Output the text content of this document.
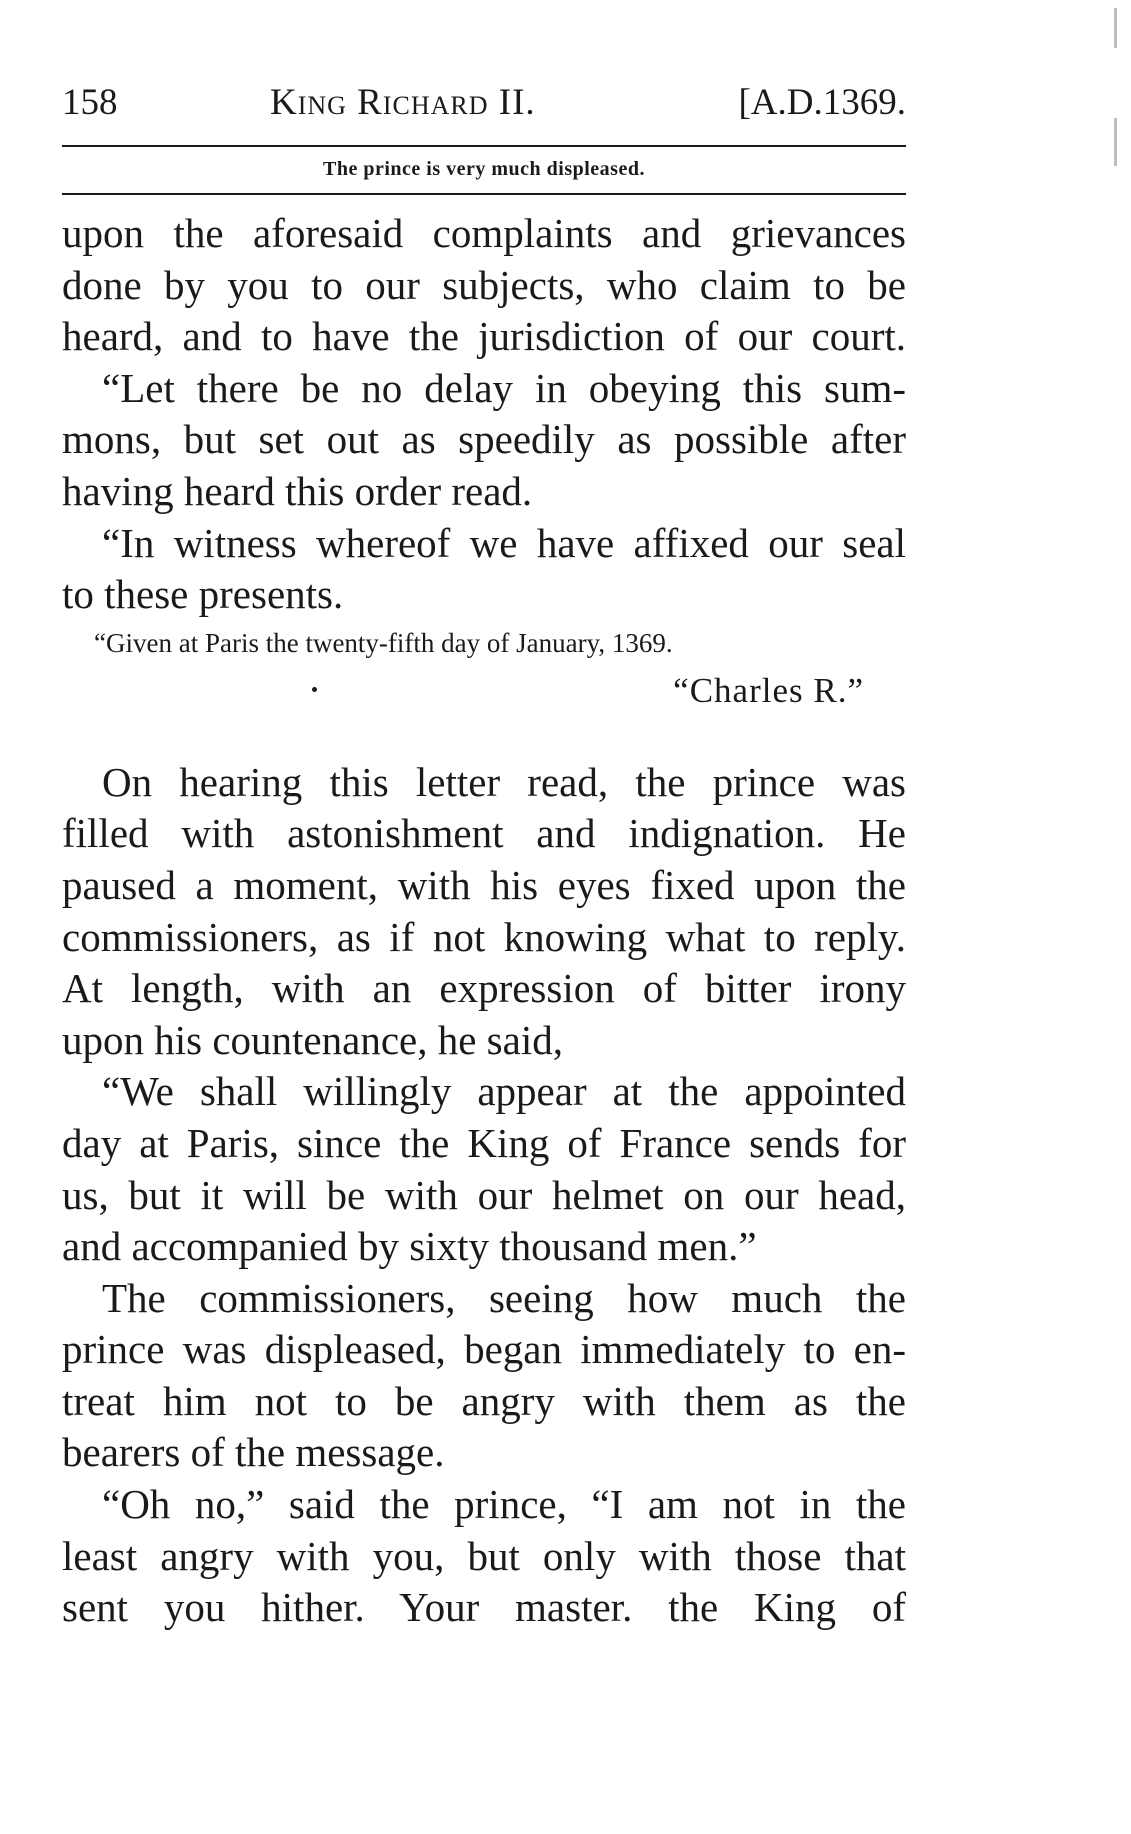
158	King Richard II.	[A.D.1369.
The prince is very much displeased.
upon the aforesaid complaints and grievances
done by you to our subjects, who claim to be
heard, and to have the jurisdiction of our court.
“Let there be no delay in obeying this sum-
mons, but set out as speedily as possible after
having heard this order read.
“In witness whereof we have affixed our seal
to these presents.
“Given at Paris the twenty-fifth day of January, 1369.
“Charles R.”
On hearing this letter read, the prince was
filled with astonishment and indignation. He
paused a moment, with his eyes fixed upon the
commissioners, as if not knowing what to reply.
At length, with an expression of bitter irony
upon his countenance, he said,
“We shall willingly appear at the appointed
day at Paris, since the King of France sends for
us, but it will be with our helmet on our head,
and accompanied by sixty thousand men.”
The commissioners, seeing how much the
prince was displeased, began immediately to en-
treat him not to be angry with them as the
bearers of the message.
“Oh no,” said the prince, “I am not in the
least angry with you, but only with those that
sent you hither. Your master. the King of
